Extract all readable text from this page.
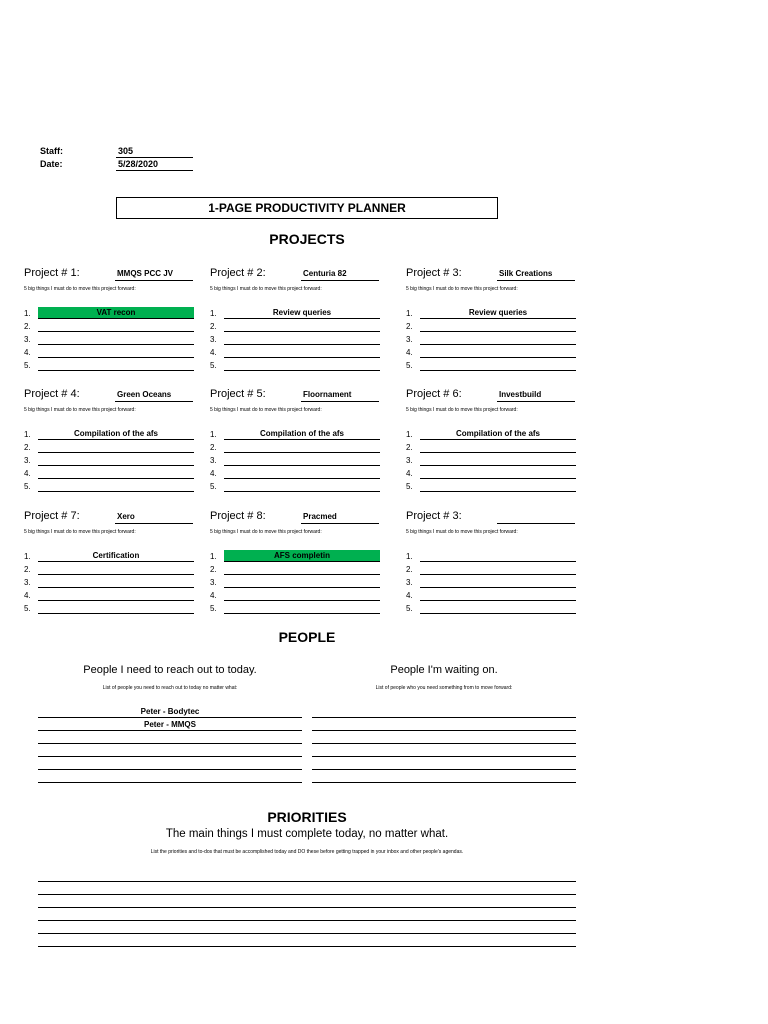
Staff:	305
Date:	5/28/2020
1-PAGE PRODUCTIVITY PLANNER
PROJECTS
Project # 1:	MMQS PCC JV
5 big things I must do to move this project forward:
1.	VAT recon
2.
3.
4.
5.
Project # 2:	Centuria 82
5 big things I must do to move this project forward:
1.	Review queries
2.
3.
4.
5.
Project # 3:	Silk Creations
5 big things I must do to move this project forward:
1.	Review queries
2.
3.
4.
5.
Project # 4:	Green Oceans
5 big things I must do to move this project forward:
1.	Compilation of the afs
2.
3.
4.
5.
Project # 5:	Floornament
5 big things I must do to move this project forward:
1.	Compilation of the afs
2.
3.
4.
5.
Project # 6:	Investbuild
5 big things I must do to move this project forward:
1.	Compilation of the afs
2.
3.
4.
5.
Project # 7:	Xero
5 big things I must do to move this project forward:
1.	Certification
2.
3.
4.
5.
Project # 8:	Pracmed
5 big things I must do to move this project forward:
1.	AFS completin
2.
3.
4.
5.
Project # 3:
5 big things I must do to move this project forward:
1.
2.
3.
4.
5.
PEOPLE
People I need to reach out to today.
List of people you need to reach out to today no matter what:
People I'm waiting on.
List of people who you need something from to move forward:
Peter - Bodytec
Peter - MMQS
PRIORITIES
The main things I must complete today, no matter what.
List the priorities and to-dos that must be accomplished today and DO these before getting trapped in your inbox and other people's agendas.
